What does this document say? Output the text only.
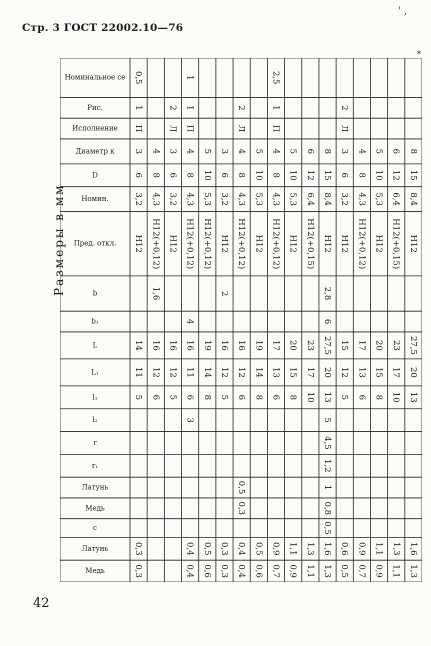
Стр. 3 ГОСТ 22002.10—76
' ,
*
Размеры в мм
42
Номинальное се
Рис.
Исполнение
Диаметр к
D
Номин.
Пред. откл.
b
b₁
L
L₁
l₁
l₂
r
r₁
Латунь
Медь
c
Латунь
Медь
0,5
1
П
3
6
3,2
H12
14
11
5
0,3
0,3
4
8
4,3
H12(+0,12)
1,6
16
12
6
2
Л
3
6
3,2
H12
16
12
5
1
1
П
4
8
4,3
H12(+0,12)
4
16
11
6
3
0,4
0,4
5
10
5,3
H12(+0,12)
19
14
8
0,5
0,6
3
6
3,2
H12
2
16
12
5
0,3
0,3
2
Л
4
8
4,3
H12(+0,12)
16
12
6
0,5
0,3
0,4
0,4
5
10
5,3
H12
19
14
8
0,5
0,6
2,5
1
П
4
8
4,3
H12(+0,12)
17
13
6
0,9
0,7
5
10
5,3
H12
20
15
8
1,1
0,9
6
12
6,4
H12(+0,15)
23
17
10
1,3
1,1
8
15
8,4
H12
2,8
6
27,5
20
13
5
4,5
1,2
1
0,8
0,5
1,6
1,3
2
Л
3
6
3,2
H12
15
12
5
0,6
0,5
4
8
4,3
H12(+0,12)
17
13
6
0,9
0,7
5
10
5,3
H12
20
15
8
1,1
0,9
6
12
6,4
H12(+0,15)
23
17
10
1,3
1,1
8
15
8,4
H12
27,5
20
13
1,6
1,3
